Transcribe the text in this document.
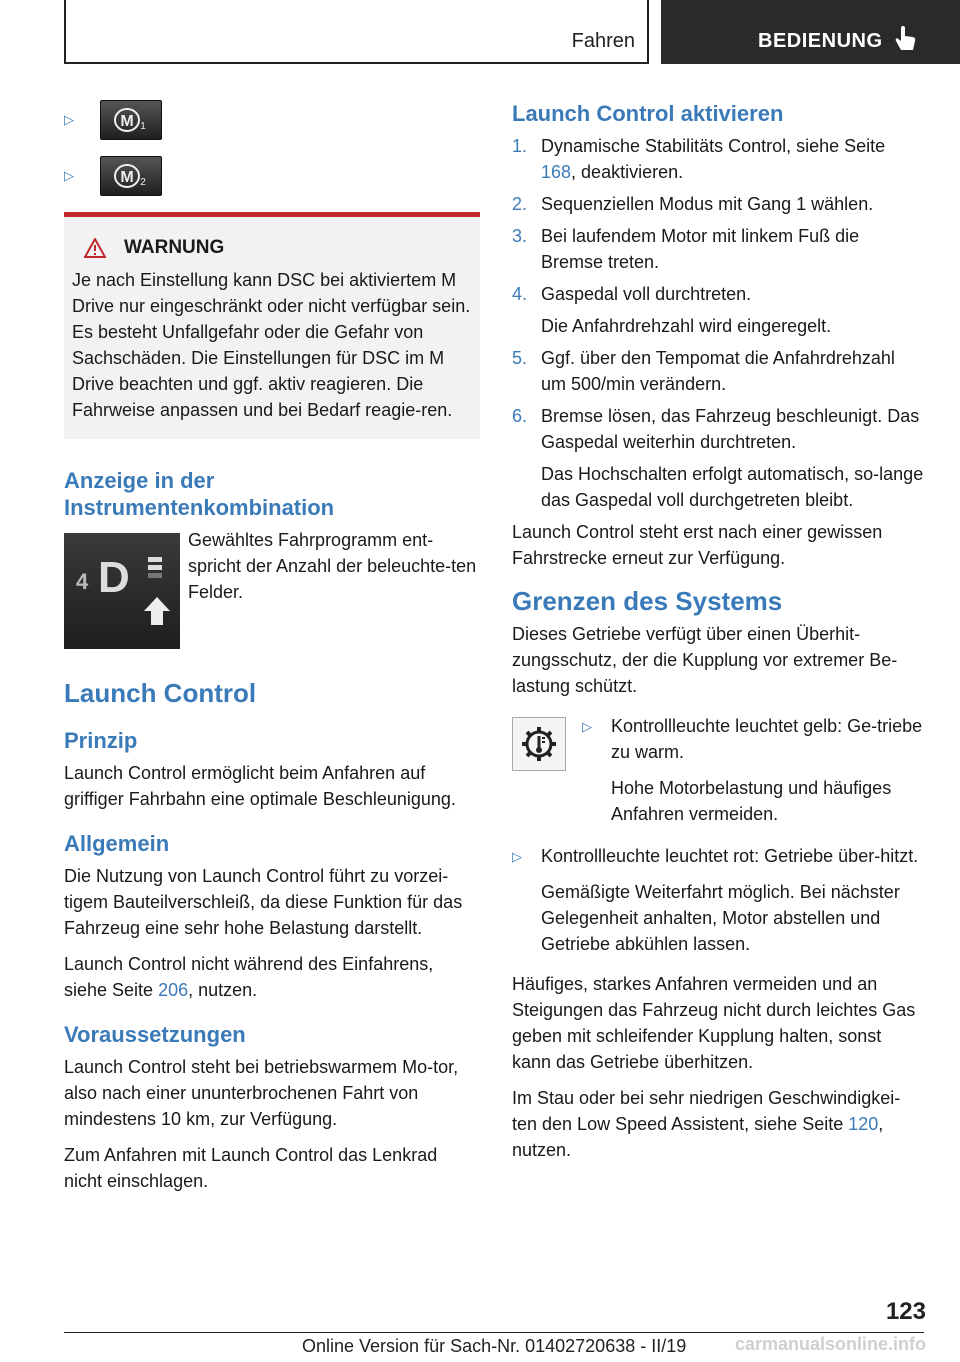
Fahren	BEDIENUNG
▷	M 1
▷	M 2
WARNUNG

Je nach Einstellung kann DSC bei aktiviertem M Drive nur eingeschränkt oder nicht verfügbar sein. Es besteht Unfallgefahr oder die Gefahr von Sachschäden. Die Einstellungen für DSC im M Drive beachten und ggf. aktiv reagieren. Die Fahrweise anpassen und bei Bedarf reagie-ren.

Anzeige in der Instrumentenkombination
4 D

Gewähltes Fahrprogramm ent-spricht der Anzahl der beleuchte-ten Felder.

Launch Control
Prinzip

Launch Control ermöglicht beim Anfahren auf griffiger Fahrbahn eine optimale Beschleunigung.

Allgemein

Die Nutzung von Launch Control führt zu vorzei-tigem Bauteilverschleiß, da diese Funktion für das Fahrzeug eine sehr hohe Belastung darstellt.

Launch Control nicht während des Einfahrens, siehe Seite 206, nutzen.

Voraussetzungen

Launch Control steht bei betriebswarmem Mo-tor, also nach einer ununterbrochenen Fahrt von mindestens 10 km, zur Verfügung.

Zum Anfahren mit Launch Control das Lenkrad nicht einschlagen.

Launch Control aktivieren
1. Dynamische Stabilitäts Control, siehe Seite 168, deaktivieren.
2. Sequenziellen Modus mit Gang 1 wählen.
3. Bei laufendem Motor mit linkem Fuß die Bremse treten.
4. Gaspedal voll durchtreten.
Die Anfahrdrehzahl wird eingeregelt.
5. Ggf. über den Tempomat die Anfahrdrehzahl um 500/min verändern.
6. Bremse lösen, das Fahrzeug beschleunigt. Das Gaspedal weiterhin durchtreten.
Das Hochschalten erfolgt automatisch, so-lange das Gaspedal voll durchgetreten bleibt.

Launch Control steht erst nach einer gewissen Fahrstrecke erneut zur Verfügung.

Grenzen des Systems

Dieses Getriebe verfügt über einen Überhit-zungsschutz, der die Kupplung vor extremer Be-lastung schützt.

▷ Kontrollleuchte leuchtet gelb: Ge-triebe zu warm.

Hohe Motorbelastung und häufiges Anfahren vermeiden.

▷ Kontrollleuchte leuchtet rot: Getriebe über-hitzt.

Gemäßigte Weiterfahrt möglich. Bei nächster Gelegenheit anhalten, Motor abstellen und Getriebe abkühlen lassen.

Häufiges, starkes Anfahren vermeiden und an Steigungen das Fahrzeug nicht durch leichtes Gas geben mit schleifender Kupplung halten, sonst kann das Getriebe überhitzen.

Im Stau oder bei sehr niedrigen Geschwindigkei-ten den Low Speed Assistent, siehe Seite 120, nutzen.

123
Online Version für Sach-Nr. 01402720638 - II/19	carmanualsonline.info
